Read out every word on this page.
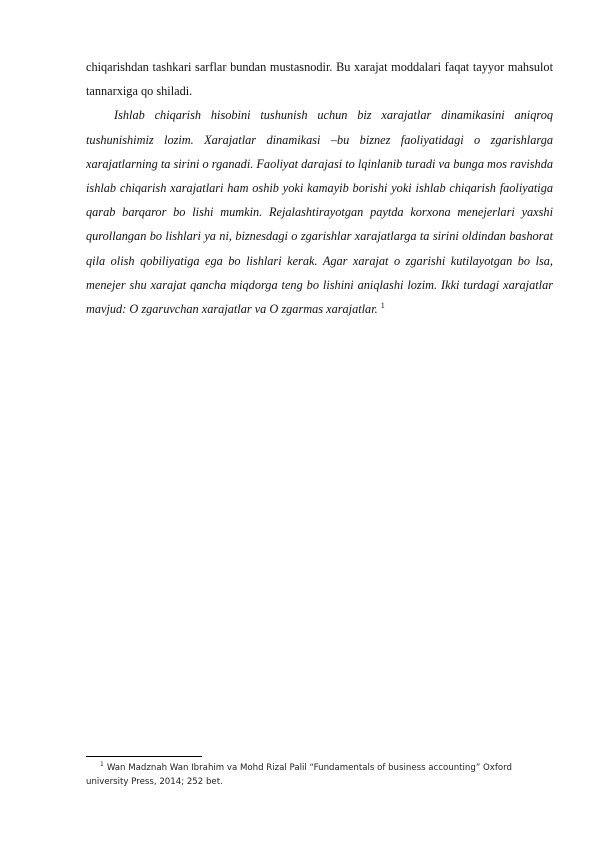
chiqarishdan tashkari sarflar bundan mustasnodir. Bu xarajat moddalari faqat tayyor mahsulot tannarxiga qo shiladi.

Ishlab chiqarish hisobini tushunish uchun biz xarajatlar dinamikasini aniqroq tushunishimiz lozim. Xarajatlar dinamikasi –bu biznez faoliyatidagi o zgarishlarga xarajatlarning ta sirini o rganadi. Faoliyat darajasi to lqinlanib turadi va bunga mos ravishda ishlab chiqarish xarajatlari ham oshib yoki kamayib borishi yoki ishlab chiqarish faoliyatiga qarab barqaror bo lishi mumkin. Rejalashtirayotgan paytda korxona menejerlari yaxshi qurollangan bo lishlari ya ni, biznesdagi o zgarishlar xarajatlarga ta sirini oldindan bashorat qila olish qobiliyatiga ega bo lishlari kerak. Agar xarajat o zgarishi kutilayotgan bo lsa, menejer shu xarajat qancha miqdorga teng bo lishini aniqlashi lozim. Ikki turdagi xarajatlar mavjud: O zgaruvchan xarajatlar va O zgarmas xarajatlar. $^1$

$^1$ Wan Madznah Wan Ibrahim va Mohd Rizal Palil “Fundamentals of business accounting” Oxford university Press, 2014; 252 bet.
